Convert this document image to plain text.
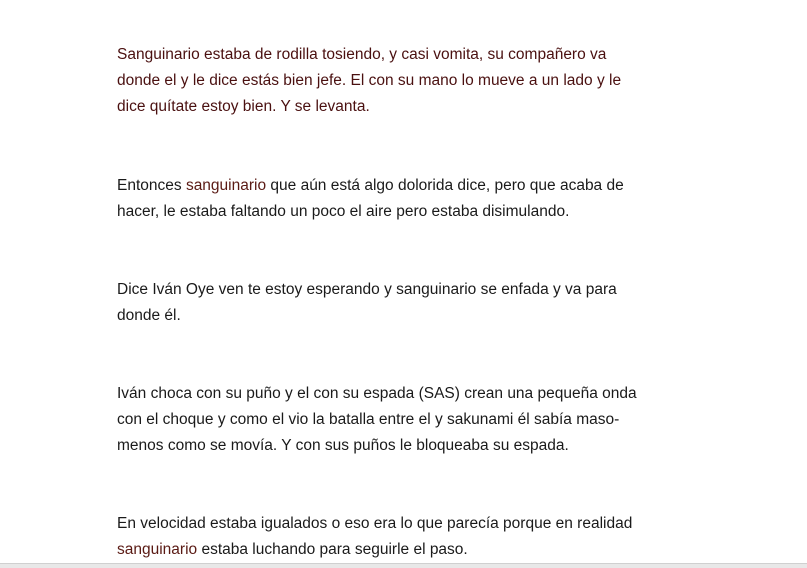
Sanguinario estaba de rodilla tosiendo, y casi vomita, su compañero va
donde el y le dice estás bien jefe. El con su mano lo mueve a un lado y le
dice quítate estoy bien. Y se levanta.

Entonces sanguinario que aún está algo dolorida dice, pero que acaba de
hacer, le estaba faltando un poco el aire pero estaba disimulando.

Dice Iván Oye ven te estoy esperando y sanguinario se enfada y va para
donde él.

Iván choca con su puño y el con su espada (SAS) crean una pequeña onda
con el choque y como el vio la batalla entre el y sakunami él sabía maso-
menos como se movía. Y con sus puños le bloqueaba su espada.

En velocidad estaba igualados o eso era lo que parecía porque en realidad
sanguinario estaba luchando para seguirle el paso.
